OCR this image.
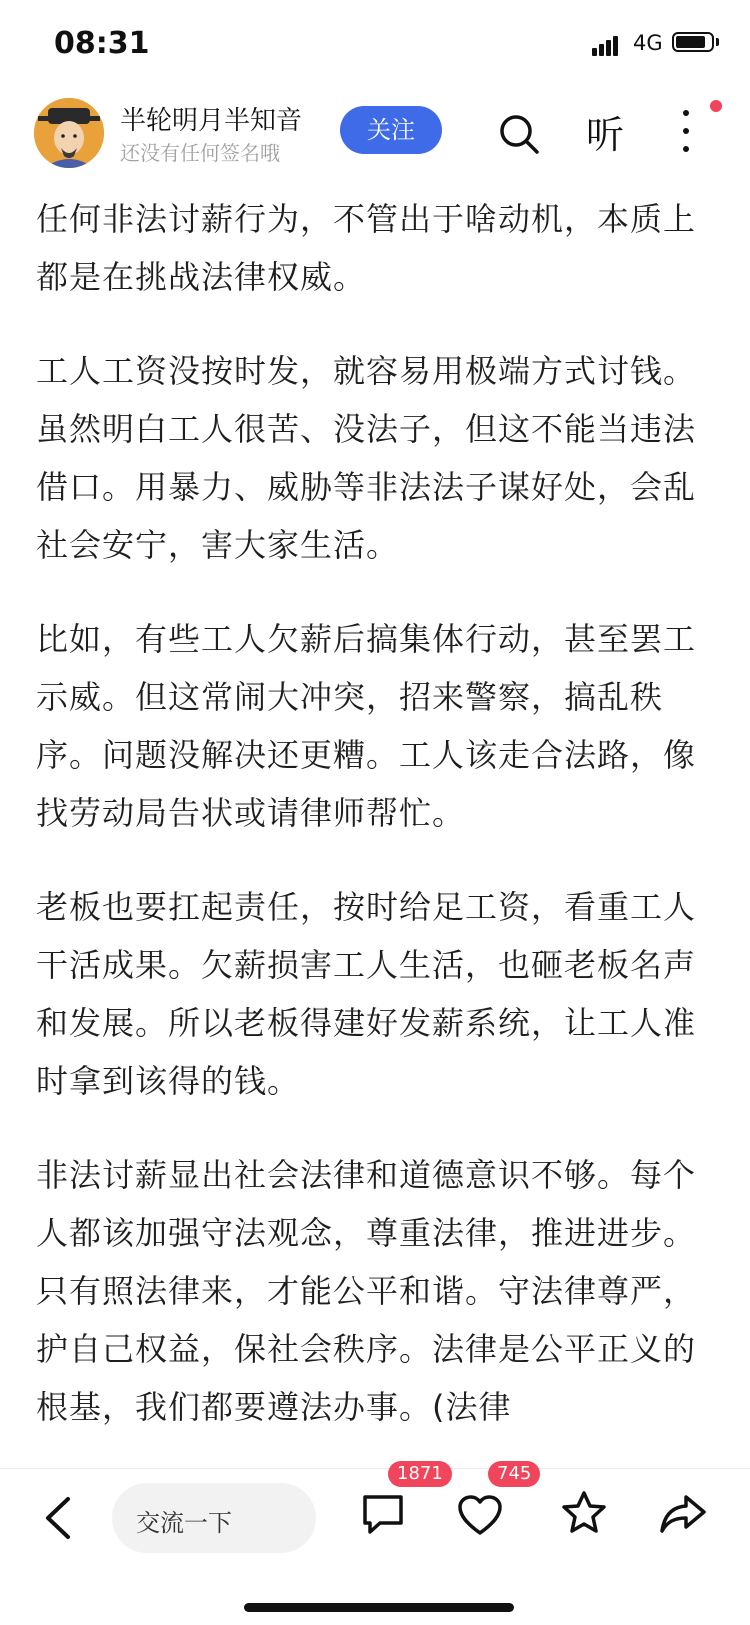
08:31	4G
半轮明月半知音
还没有任何签名哦
关注	听

任何非法讨薪行为，不管出于啥动机，本质上都是在挑战法律权威。

工人工资没按时发，就容易用极端方式讨钱。虽然明白工人很苦、没法子，但这不能当违法借口。用暴力、威胁等非法法子谋好处，会乱社会安宁，害大家生活。

比如，有些工人欠薪后搞集体行动，甚至罢工示威。但这常闹大冲突，招来警察，搞乱秩序。问题没解决还更糟。工人该走合法路，像找劳动局告状或请律师帮忙。

老板也要扛起责任，按时给足工资，看重工人干活成果。欠薪损害工人生活，也砸老板名声和发展。所以老板得建好发薪系统，让工人准时拿到该得的钱。

非法讨薪显出社会法律和道德意识不够。每个人都该加强守法观念，尊重法律，推进进步。只有照法律来，才能公平和谐。守法律尊严，护自己权益，保社会秩序。法律是公平正义的根基，我们都要遵法办事。(法律

交流一下
1871	745
